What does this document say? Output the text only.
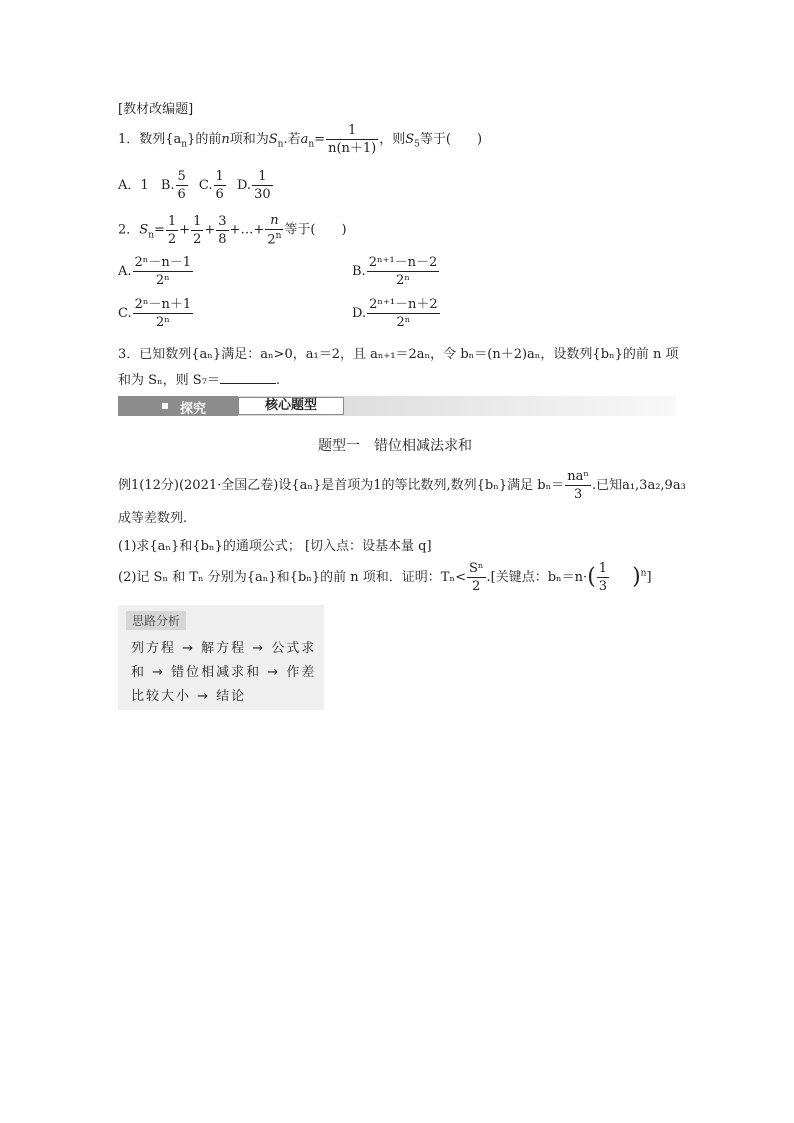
[教材改编题]
1．数列$\{a_n\}$的前n项和为$S_n$.若$a_n= \frac{1}{n(n+1)}$ ，则$S_5$等于(　　)
A．1 B. $\frac{5}{6} C$. $\frac{1}{6} D$. $\frac{1}{30}$
2．$S_n= \frac{1}{2} + \frac{1}{2} + \frac{3}{8}$ +…+ $\frac{n}{2^n}$ 等于(　　)
A. $\frac{\text{2ⁿ－n－1}}{\text{2ⁿ}}$	B. $\frac{\text{2ⁿ⁺¹－n－2}}{\text{2ⁿ}}$
C. $\frac{\text{2ⁿ－n＋1}}{\text{2ⁿ}}$	D. $\frac{\text{2ⁿ⁺¹－n＋2}}{\text{2ⁿ}}$
3．已知数列{aₙ}满足：aₙ>0，a₁＝2，且 aₙ₊₁＝2aₙ，令 bₙ＝(n＋2)aₙ，设数列{bₙ}的前 n 项
和为 Sₙ，则 S₇＝	.
探究	核心题型
题型一　错位相减法求和
例1(12分)(2021·全国乙卷)设{aₙ}是首项为1的等比数列,数列{bₙ}满足 $b_n= \frac{\text{naⁿ}}{3}$ .已知a₁,3a₂,9a₃
成等差数列.
(1)求{aₙ}和{bₙ}的通项公式； [切入点：设基本量 q]
(2)记 Sₙ 和 Tₙ 分别为{aₙ}和{bₙ}的前 n 项和．证明：$T_n< \frac{\text{Sⁿ}}{2}$ .[关键点：$b_n=n\cdot( \frac{1}{3} )^n$]
思路分析
列方程 → 解方程 → 公式求
和 → 错位相减求和 → 作差
比较大小 → 结论
